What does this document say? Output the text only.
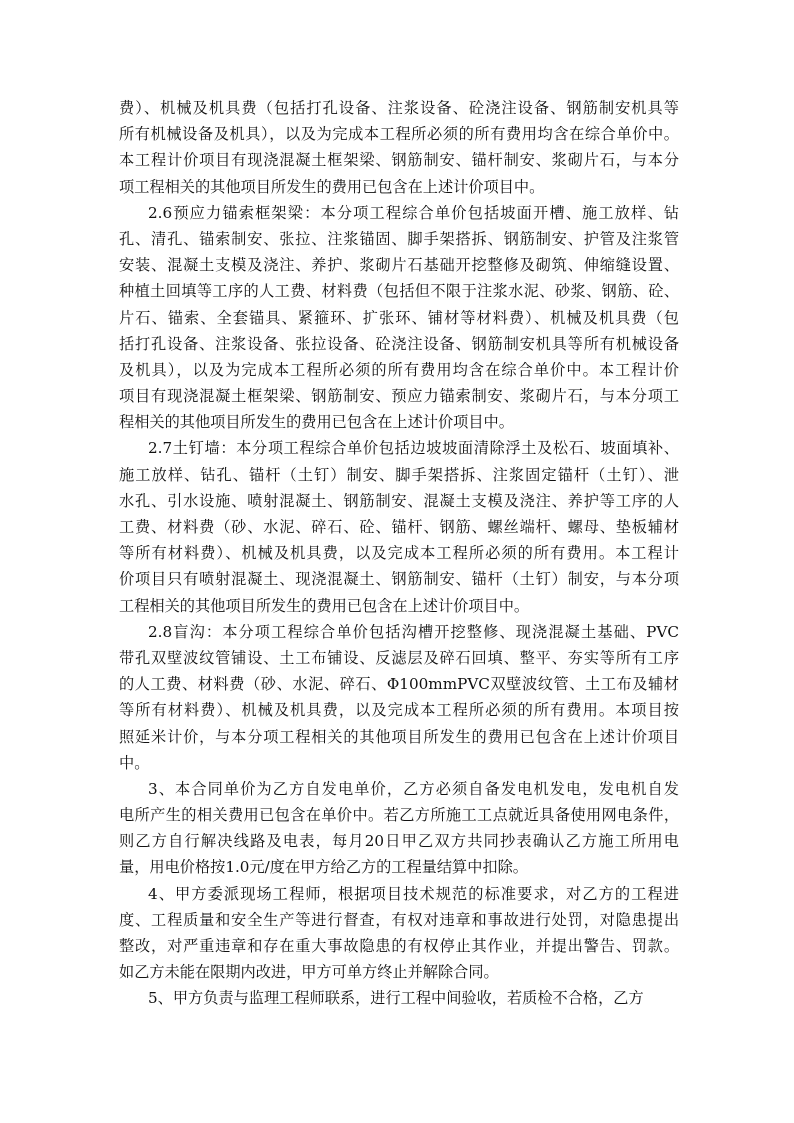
费）、机械及机具费（包括打孔设备、注浆设备、砼浇注设备、钢筋制安机具等
所有机械设备及机具），以及为完成本工程所必须的所有费用均含在综合单价中。
本工程计价项目有现浇混凝土框架梁、钢筋制安、锚杆制安、浆砌片石，与本分
项工程相关的其他项目所发生的费用已包含在上述计价项目中。
2.6预应力锚索框架梁：本分项工程综合单价包括坡面开槽、施工放样、钻
孔、清孔、锚索制安、张拉、注浆锚固、脚手架搭拆、钢筋制安、护管及注浆管
安装、混凝土支模及浇注、养护、浆砌片石基础开挖整修及砌筑、伸缩缝设置、
种植土回填等工序的人工费、材料费（包括但不限于注浆水泥、砂浆、钢筋、砼、
片石、锚索、全套锚具、紧箍环、扩张环、铺材等材料费）、机械及机具费（包
括打孔设备、注浆设备、张拉设备、砼浇注设备、钢筋制安机具等所有机械设备
及机具），以及为完成本工程所必须的所有费用均含在综合单价中。本工程计价
项目有现浇混凝土框架梁、钢筋制安、预应力锚索制安、浆砌片石，与本分项工
程相关的其他项目所发生的费用已包含在上述计价项目中。
2.7土钉墙：本分项工程综合单价包括边坡坡面清除浮土及松石、坡面填补、
施工放样、钻孔、锚杆（土钉）制安、脚手架搭拆、注浆固定锚杆（土钉）、泄
水孔、引水设施、喷射混凝土、钢筋制安、混凝土支模及浇注、养护等工序的人
工费、材料费（砂、水泥、碎石、砼、锚杆、钢筋、螺丝端杆、螺母、垫板辅材
等所有材料费）、机械及机具费，以及完成本工程所必须的所有费用。本工程计
价项目只有喷射混凝土、现浇混凝土、钢筋制安、锚杆（土钉）制安，与本分项
工程相关的其他项目所发生的费用已包含在上述计价项目中。
2.8盲沟：本分项工程综合单价包括沟槽开挖整修、现浇混凝土基础、PVC
带孔双壁波纹管铺设、土工布铺设、反滤层及碎石回填、整平、夯实等所有工序
的人工费、材料费（砂、水泥、碎石、Φ100mmPVC双壁波纹管、土工布及辅材
等所有材料费）、机械及机具费，以及完成本工程所必须的所有费用。本项目按
照延米计价，与本分项工程相关的其他项目所发生的费用已包含在上述计价项目
中。
3、本合同单价为乙方自发电单价，乙方必须自备发电机发电，发电机自发
电所产生的相关费用已包含在单价中。若乙方所施工工点就近具备使用网电条件，
则乙方自行解决线路及电表，每月20日甲乙双方共同抄表确认乙方施工所用电
量，用电价格按1.0元/度在甲方给乙方的工程量结算中扣除。
4、甲方委派现场工程师，根据项目技术规范的标准要求，对乙方的工程进
度、工程质量和安全生产等进行督查，有权对违章和事故进行处罚，对隐患提出
整改，对严重违章和存在重大事故隐患的有权停止其作业，并提出警告、罚款。
如乙方未能在限期内改进，甲方可单方终止并解除合同。
5、甲方负责与监理工程师联系，进行工程中间验收，若质检不合格，乙方
